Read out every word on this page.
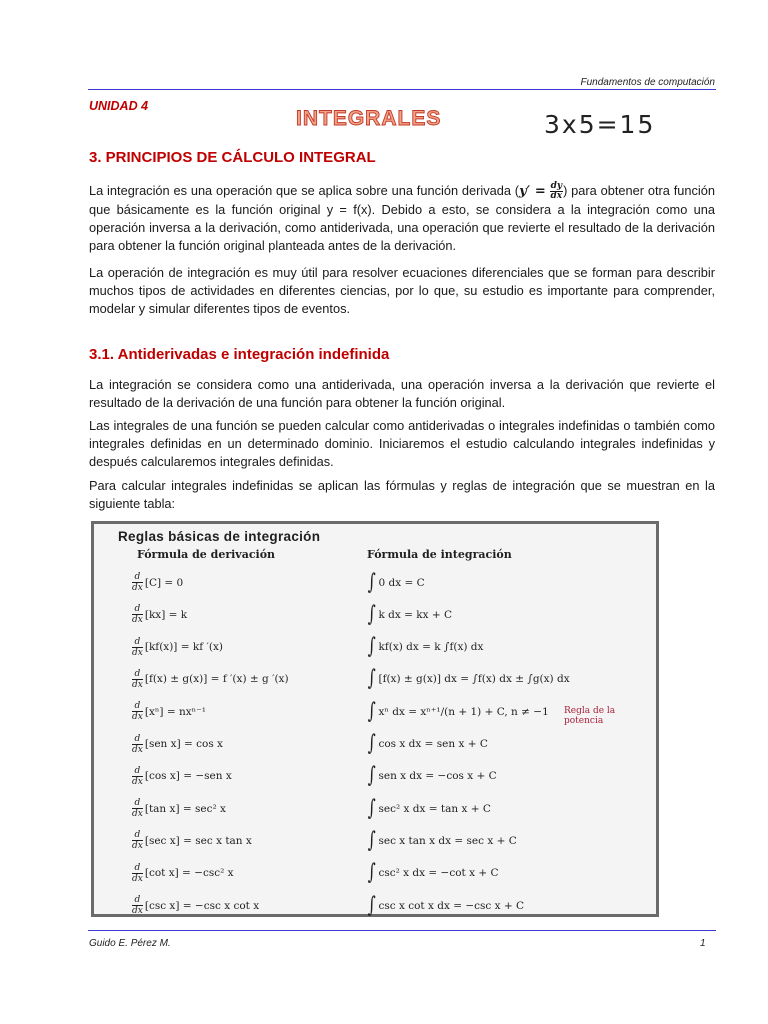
Fundamentos de computación
UNIDAD 4
INTEGRALES	3x5=15
3. PRINCIPIOS DE CÁLCULO INTEGRAL
La integración es una operación que se aplica sobre una función derivada ($y' = \frac{dy}{dx}$ ) para obtener otra función que básicamente es la función original y = f(x). Debido a esto, se considera a la integración como una operación inversa a la derivación, como antiderivada, una operación que revierte el resultado de la derivación para obtener la función original planteada antes de la derivación.
La operación de integración es muy útil para resolver ecuaciones diferenciales que se forman para describir muchos tipos de actividades en diferentes ciencias, por lo que, su estudio es importante para comprender, modelar y simular diferentes tipos de eventos.
3.1. Antiderivadas e integración indefinida
La integración se considera como una antiderivada, una operación inversa a la derivación que revierte el resultado de la derivación de una función para obtener la función original.
Las integrales de una función se pueden calcular como antiderivadas o integrales indefinidas o también como integrales definidas en un determinado dominio. Iniciaremos el estudio calculando integrales indefinidas y después calcularemos integrales definidas.
Para calcular integrales indefinidas se aplican las fórmulas y reglas de integración que se muestran en la siguiente tabla:
Reglas básicas de integración
Fórmula de derivación	Fórmula de integración
d
dx [C] = 0	∫ 0 dx = C
d
dx [kx] = k	∫ k dx = kx + C
d
dx [kf(x)] = kf ′(x)	∫ kf(x) dx = k ∫f(x) dx
d
dx [f(x) ± g(x)] = f ′(x) ± g ′(x)	∫ [f(x) ± g(x)] dx = ∫f(x) dx ± ∫g(x) dx
d
dx [xⁿ] = nxⁿ⁻¹	∫ xⁿ dx = xⁿ⁺¹/(n + 1) + C, n ≠ −1 Regla de la potencia
d
dx [sen x] = cos x	∫ cos x dx = sen x + C
d
dx [cos x] = −sen x	∫ sen x dx = −cos x + C
d
dx [tan x] = sec² x	∫ sec² x dx = tan x + C
d
dx [sec x] = sec x tan x	∫ sec x tan x dx = sec x + C
d
dx [cot x] = −csc² x	∫ csc² x dx = −cot x + C
d
dx [csc x] = −csc x cot x	∫ csc x cot x dx = −csc x + C
Guido E. Pérez M.	1
